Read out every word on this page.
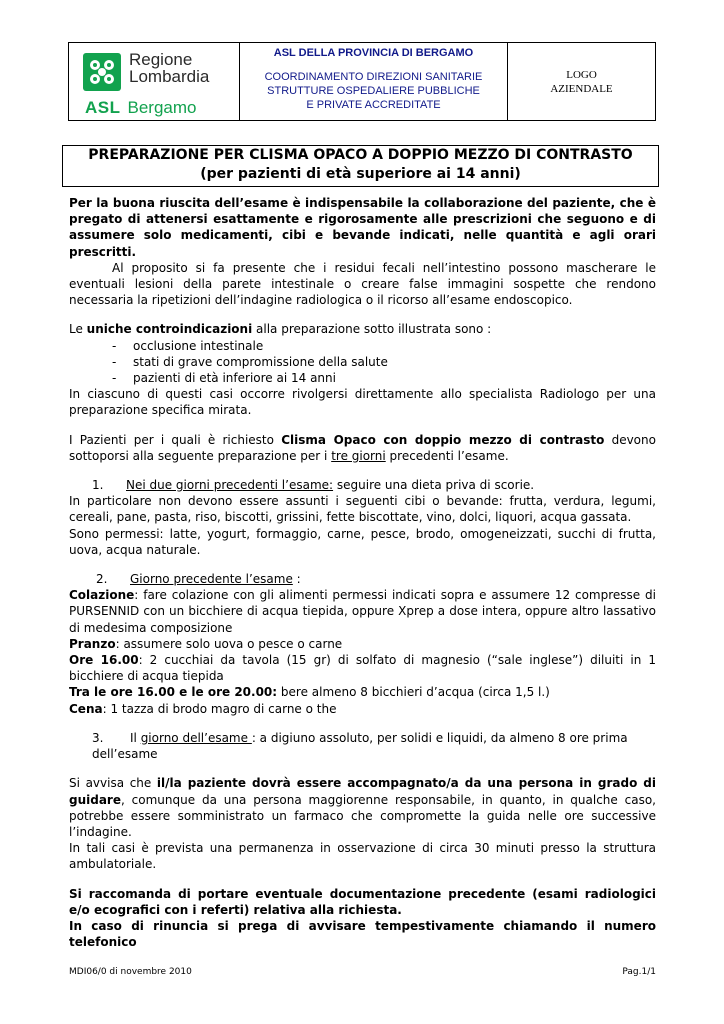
Regione
Lombardia
ASL Bergamo
ASL DELLA PROVINCIA DI BERGAMO
COORDINAMENTO DIREZIONI SANITARIE
STRUTTURE OSPEDALIERE PUBBLICHE
E PRIVATE ACCREDITATE
LOGO
AZIENDALE
PREPARAZIONE PER CLISMA OPACO A DOPPIO MEZZO DI CONTRASTO
(per pazienti di età superiore ai 14 anni)

Per la buona riuscita dell’esame è indispensabile la collaborazione del paziente, che è pregato di attenersi esattamente e rigorosamente alle prescrizioni che seguono e di assumere solo medicamenti, cibi e bevande indicati, nelle quantità e agli orari prescritti.

Al proposito si fa presente che i residui fecali nell’intestino possono mascherare le eventuali lesioni della parete intestinale o creare false immagini sospette che rendono necessaria la ripetizioni dell’indagine radiologica o il ricorso all’esame endoscopico.

Le uniche controindicazioni alla preparazione sotto illustrata sono :

- occlusione intestinale
- stati di grave compromissione della salute
- pazienti di età inferiore ai 14 anni

In ciascuno di questi casi occorre rivolgersi direttamente allo specialista Radiologo per una preparazione specifica mirata.

I Pazienti per i quali è richiesto Clisma Opaco con doppio mezzo di contrasto devono sottoporsi alla seguente preparazione per i tre giorni precedenti l’esame.

1. Nei due giorni precedenti l’esame: seguire una dieta priva di scorie.

In particolare non devono essere assunti i seguenti cibi o bevande: frutta, verdura, legumi, cereali, pane, pasta, riso, biscotti, grissini, fette biscottate, vino, dolci, liquori, acqua gassata.

Sono permessi: latte, yogurt, formaggio, carne, pesce, brodo, omogeneizzati, succhi di frutta, uova, acqua naturale.

2. Giorno precedente l’esame :

Colazione: fare colazione con gli alimenti permessi indicati sopra e assumere 12 compresse di PURSENNID con un bicchiere di acqua tiepida, oppure Xprep a dose intera, oppure altro lassativo di medesima composizione

Pranzo: assumere solo uova o pesce o carne

Ore 16.00: 2 cucchiai da tavola (15 gr) di solfato di magnesio (“sale inglese”) diluiti in 1 bicchiere di acqua tiepida

Tra le ore 16.00 e le ore 20.00: bere almeno 8 bicchieri d’acqua (circa 1,5 l.)

Cena: 1 tazza di brodo magro di carne o the

3. Il giorno dell’esame : a digiuno assoluto, per solidi e liquidi, da almeno 8 ore prima dell’esame

Si avvisa che il/la paziente dovrà essere accompagnato/a da una persona in grado di guidare, comunque da una persona maggiorenne responsabile, in quanto, in qualche caso, potrebbe essere somministrato un farmaco che compromette la guida nelle ore successive l’indagine.

In tali casi è prevista una permanenza in osservazione di circa 30 minuti presso la struttura ambulatoriale.

Si raccomanda di portare eventuale documentazione precedente (esami radiologici e/o ecografici con i referti) relativa alla richiesta.

In caso di rinuncia si prega di avvisare tempestivamente chiamando il numero telefonico

MDI06/0 di novembre 2010	Pag.1/1
